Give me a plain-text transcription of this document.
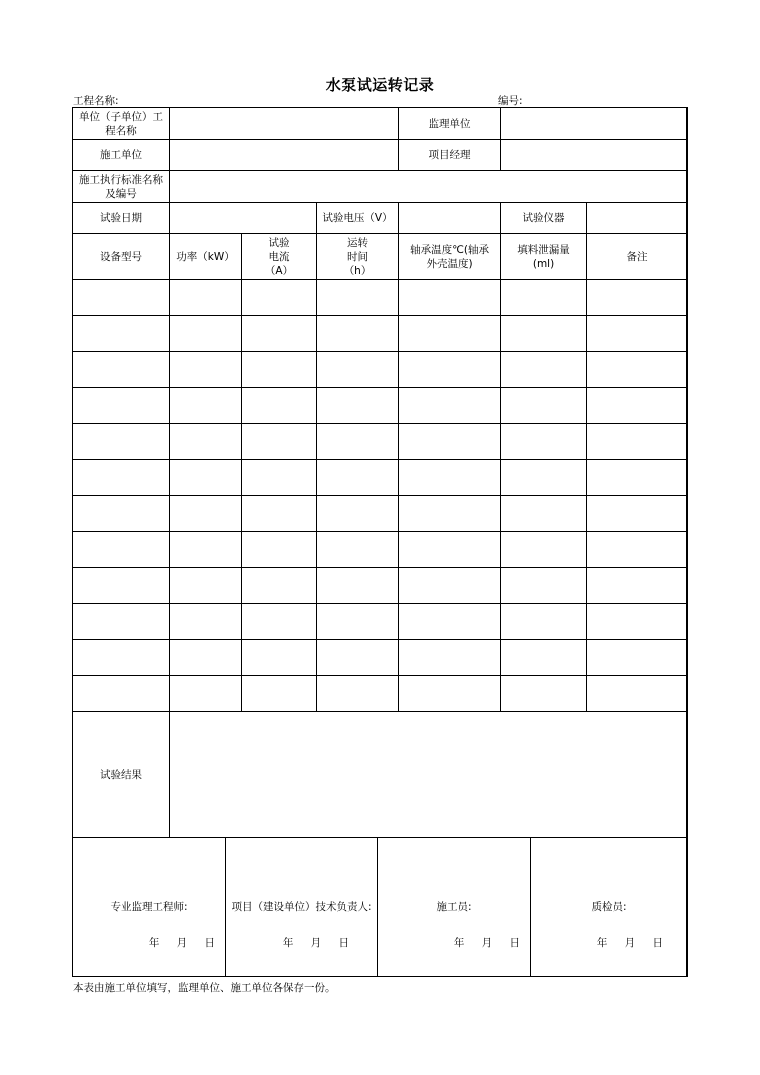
水泵试运转记录
工程名称:	编号:
单位（子单位）工程名称				监理单位		
施工单位				项目经理		
施工执行标准名称及编号						
试验日期			试验电压（V）		试验仪器	
设备型号	功率（kW）	试验电流（A）	运转时间（h）	轴承温度℃(轴承外壳温度)	填料泄漏量(ml)	备注

试验结果						
专业监理工程师:
年 月 日

项目（建设单位）技术负责人:
年 月 日

施工员:
年 月 日

质检员:
年 月 日
本表由施工单位填写，监理单位、施工单位各保存一份。
